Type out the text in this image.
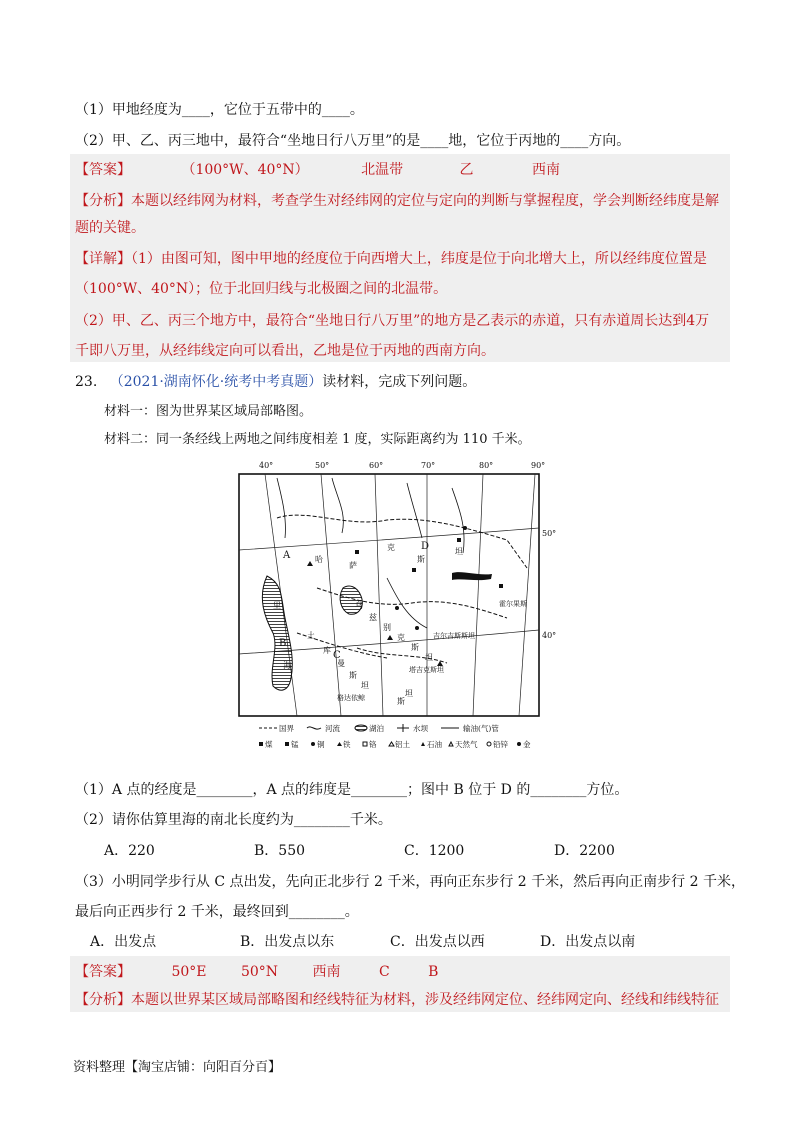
（1）甲地经度为____，它位于五带中的____。
（2）甲、乙、丙三地中，最符合“坐地日行八万里”的是____地，它位于丙地的____方向。
【答案】	（100°W、40°N）	北温带	乙	西南
【分析】本题以经纬网为材料，考查学生对经纬网的定位与定向的判断与掌握程度，学会判断经纬度是解
题的关键。
【详解】（1）由图可知，图中甲地的经度位于向西增大上，纬度是位于向北增大上，所以经纬度位置是
（100°W、40°N）；位于北回归线与北极圈之间的北温带。
（2）甲、乙、丙三个地方中，最符合“坐地日行八万里”的地方是乙表示的赤道，只有赤道周长达到4万
千即八万里，从经纬线定向可以看出，乙地是位于丙地的西南方向。
23. （2021·湖南怀化·统考中考真题）读材料，完成下列问题。
材料一：图为世界某区域局部略图。
材料二：同一条经线上两地之间纬度相差 1 度，实际距离约为 110 千米。
40°	50°	60°	70°	80°	90°
50°
40°
A
B
C
D
哈
萨
克
斯
坦
里
海
土
库
曼
斯
坦
乌
兹
别
克
斯
坦
塔吉克斯坦
吉尔吉斯斯坦
格达依鲸
霍尔果斯
斯
坦
国界	河流	湖泊	水坝	输油(气)管
煤 锰 铜 铁 铬 铝土 石油 天然气 铅锌 金
（1）A 点的经度是________，A 点的纬度是________；图中 B 位于 D 的________方位。
（2）请你估算里海的南北长度约为________千米。
A．220	B．550	C．1200	D．2200
（3）小明同学步行从 C 点出发，先向正北步行 2 千米，再向正东步行 2 千米，然后再向正南步行 2 千米，
最后向正西步行 2 千米，最终回到________。
A．出发点	B．出发点以东	C．出发点以西	D．出发点以南
【答案】	50°E 50°N 西南	C	B
【分析】本题以世界某区域局部略图和经线特征为材料，涉及经纬网定位、经纬网定向、经线和纬线特征
资料整理【淘宝店铺：向阳百分百】
